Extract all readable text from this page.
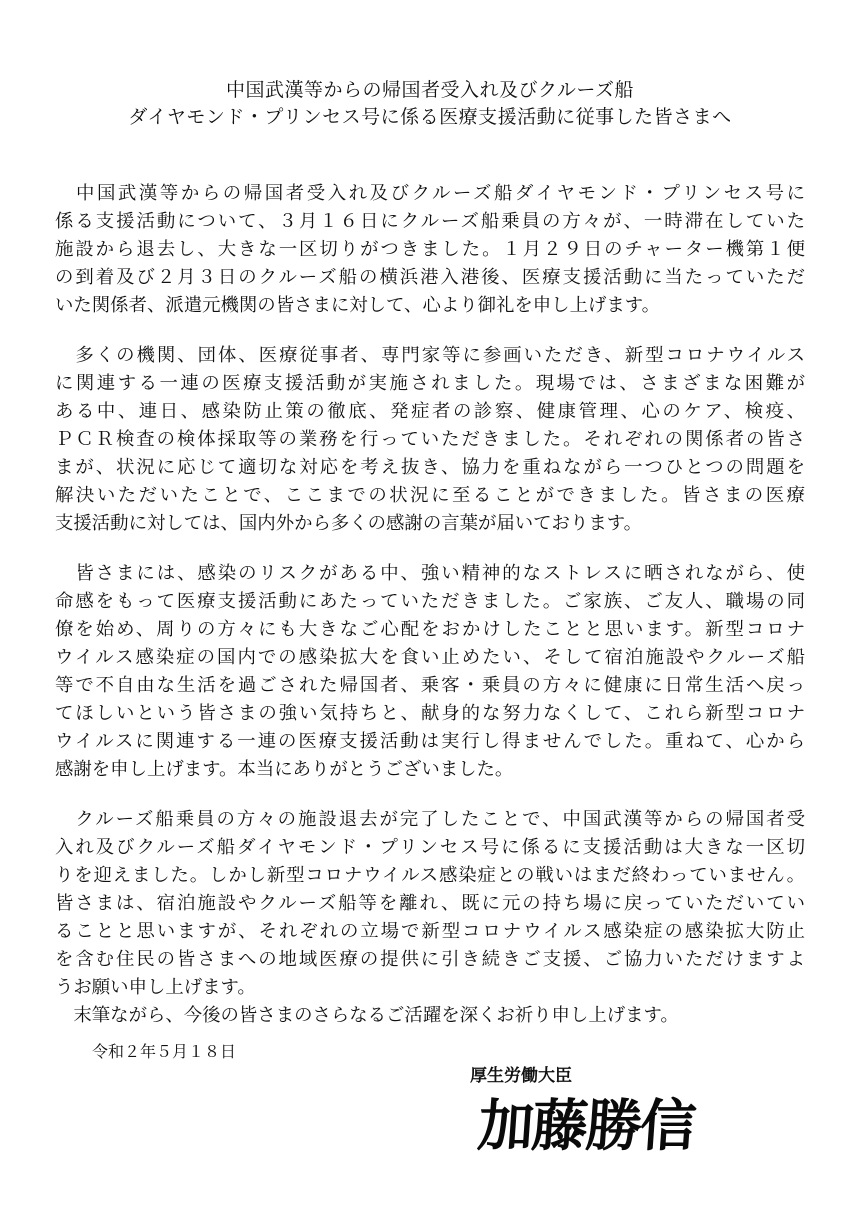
中国武漢等からの帰国者受入れ及びクルーズ船
ダイヤモンド・プリンセス号に係る医療支援活動に従事した皆さまへ
　中国武漢等からの帰国者受入れ及びクルーズ船ダイヤモンド・プリンセス号に
係る支援活動について、３月１６日にクルーズ船乗員の方々が、一時滞在していた
施設から退去し、大きな一区切りがつきました。１月２９日のチャーター機第１便
の到着及び２月３日のクルーズ船の横浜港入港後、医療支援活動に当たっていただ
いた関係者、派遣元機関の皆さまに対して、心より御礼を申し上げます。
　多くの機関、団体、医療従事者、専門家等に参画いただき、新型コロナウイルス
に関連する一連の医療支援活動が実施されました。現場では、さまざまな困難が
ある中、連日、感染防止策の徹底、発症者の診察、健康管理、心のケア、検疫、
ＰＣＲ検査の検体採取等の業務を行っていただきました。それぞれの関係者の皆さ
まが、状況に応じて適切な対応を考え抜き、協力を重ねながら一つひとつの問題を
解決いただいたことで、ここまでの状況に至ることができました。皆さまの医療
支援活動に対しては、国内外から多くの感謝の言葉が届いております。
　皆さまには、感染のリスクがある中、強い精神的なストレスに晒されながら、使
命感をもって医療支援活動にあたっていただきました。ご家族、ご友人、職場の同
僚を始め、周りの方々にも大きなご心配をおかけしたことと思います。新型コロナ
ウイルス感染症の国内での感染拡大を食い止めたい、そして宿泊施設やクルーズ船
等で不自由な生活を過ごされた帰国者、乗客・乗員の方々に健康に日常生活へ戻っ
てほしいという皆さまの強い気持ちと、献身的な努力なくして、これら新型コロナ
ウイルスに関連する一連の医療支援活動は実行し得ませんでした。重ねて、心から
感謝を申し上げます。本当にありがとうございました。
　クルーズ船乗員の方々の施設退去が完了したことで、中国武漢等からの帰国者受
入れ及びクルーズ船ダイヤモンド・プリンセス号に係るに支援活動は大きな一区切
りを迎えました。しかし新型コロナウイルス感染症との戦いはまだ終わっていません。
皆さまは、宿泊施設やクルーズ船等を離れ、既に元の持ち場に戻っていただいてい
ることと思いますが、それぞれの立場で新型コロナウイルス感染症の感染拡大防止
を含む住民の皆さまへの地域医療の提供に引き続きご支援、ご協力いただけますよ
うお願い申し上げます。
　末筆ながら、今後の皆さまのさらなるご活躍を深くお祈り申し上げます。
令和２年５月１８日
厚生労働大臣
加藤勝信
